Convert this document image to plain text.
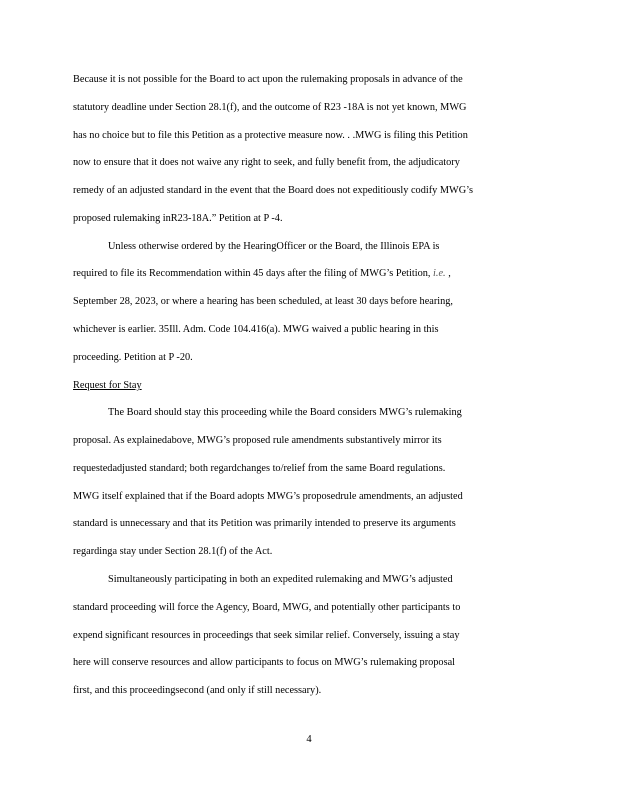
Because it is not possible for the Board to act upon the rulemaking proposals in advance of the
statutory deadline under Section 28.1(f), and the outcome of R23 -18A is not yet known, MWG
has no choice but to file this Petition as a protective measure now. . .MWG is filing this Petition
now to ensure that it does not waive any right to seek, and fully benefit from, the adjudicatory
remedy of an adjusted standard in the event that the Board does not expeditiously codify MWG’s
proposed rulemaking inR23-18A.” Petition at P -4.
Unless otherwise ordered by the HearingOfficer or the Board, the Illinois EPA is
required to file its Recommendation within 45 days after the filing of MWG’s Petition, i.e. ,
September 28, 2023, or where a hearing has been scheduled, at least 30 days before hearing,
whichever is earlier. 35Ill. Adm. Code 104.416(a). MWG waived a public hearing in this
proceeding. Petition at P -20.
Request for Stay
The Board should stay this proceeding while the Board considers MWG’s rulemaking
proposal. As explainedabove, MWG’s proposed rule amendments substantively mirror its
requestedadjusted standard; both regardchanges to/relief from the same Board regulations.
MWG itself explained that if the Board adopts MWG’s proposedrule amendments, an adjusted
standard is unnecessary and that its Petition was primarily intended to preserve its arguments
regardinga stay under Section 28.1(f) of the Act.
Simultaneously participating in both an expedited rulemaking and MWG’s adjusted
standard proceeding will force the Agency, Board, MWG, and potentially other participants to
expend significant resources in proceedings that seek similar relief. Conversely, issuing a stay
here will conserve resources and allow participants to focus on MWG’s rulemaking proposal
first, and this proceedingsecond (and only if still necessary).
4
